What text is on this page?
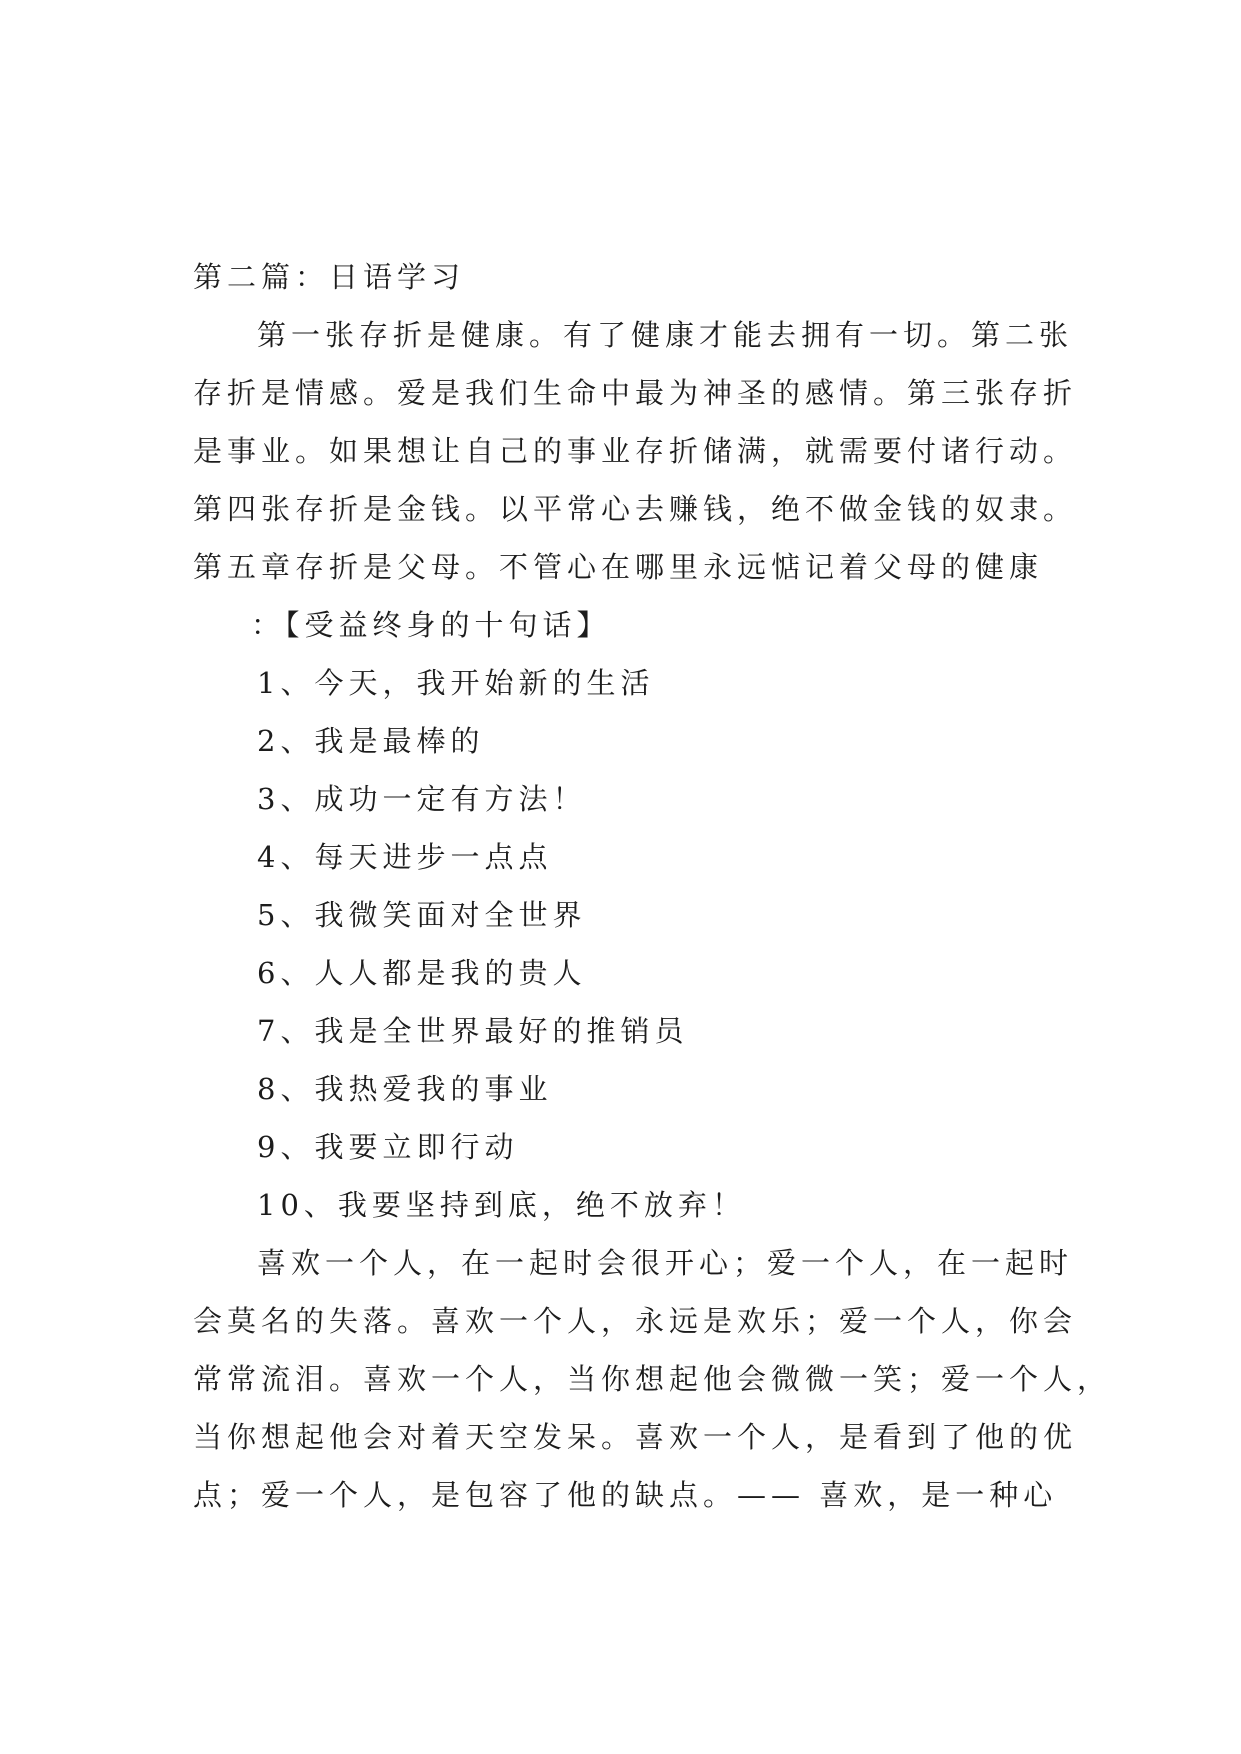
第二篇：日语学习
第一张存折是健康。有了健康才能去拥有一切。第二张
存折是情感。爱是我们生命中最为神圣的感情。第三张存折
是事业。如果想让自己的事业存折储满，就需要付诸行动。
第四张存折是金钱。以平常心去赚钱，绝不做金钱的奴隶。
第五章存折是父母。不管心在哪里永远惦记着父母的健康
：【受益终身的十句话】
1、今天，我开始新的生活
2、我是最棒的
3、成功一定有方法！
4、每天进步一点点
5、我微笑面对全世界
6、人人都是我的贵人
7、我是全世界最好的推销员
8、我热爱我的事业
9、我要立即行动
10、我要坚持到底，绝不放弃！
喜欢一个人，在一起时会很开心；爱一个人，在一起时
会莫名的失落。喜欢一个人，永远是欢乐；爱一个人，你会
常常流泪。喜欢一个人，当你想起他会微微一笑；爱一个人，
当你想起他会对着天空发呆。喜欢一个人，是看到了他的优
点；爱一个人，是包容了他的缺点。—— 喜欢，是一种心
